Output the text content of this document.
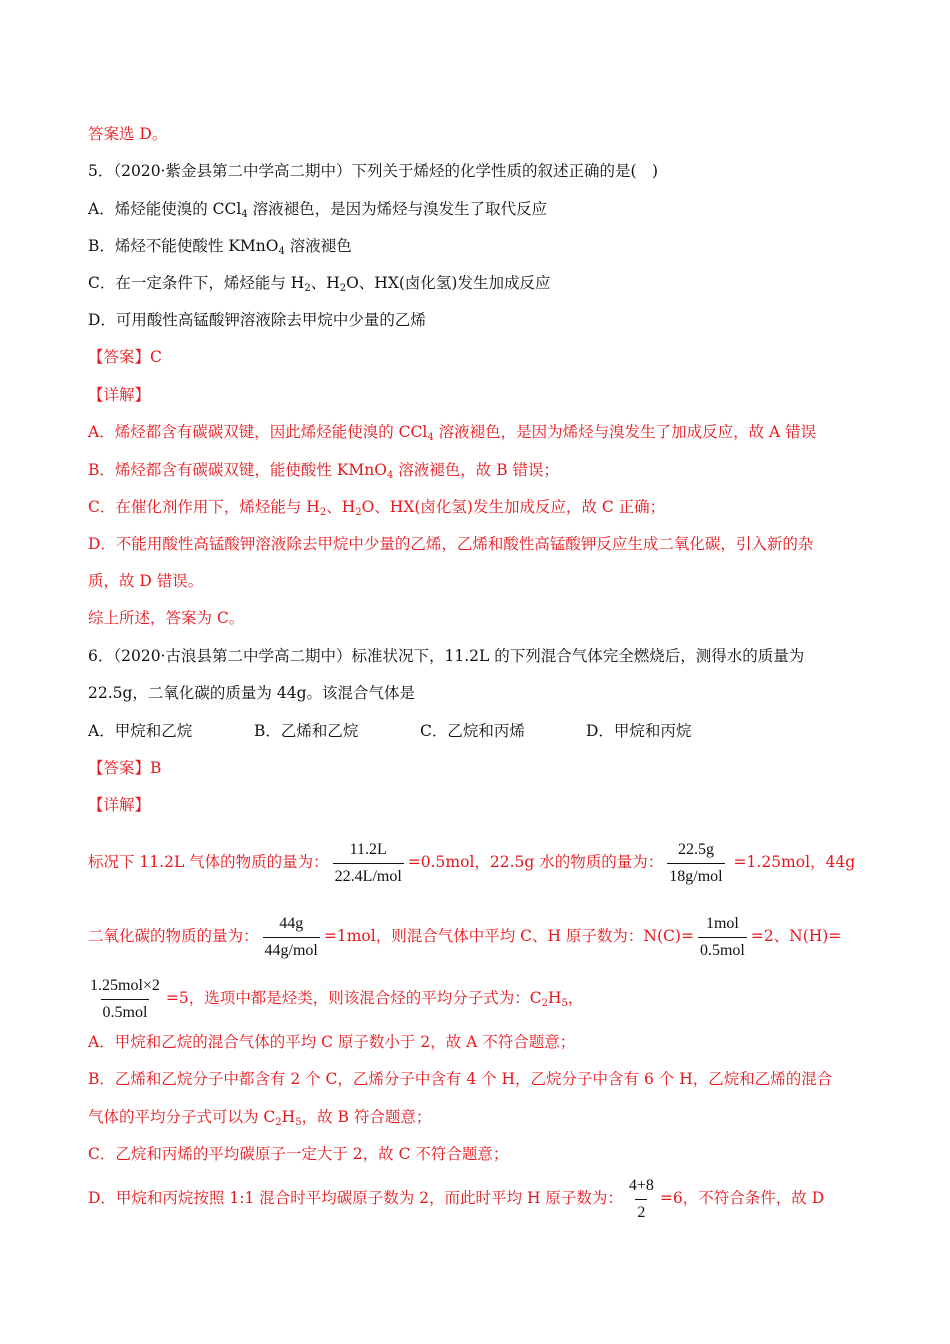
答案选 D。
5．（2020·紫金县第二中学高二期中）下列关于烯烃的化学性质的叙述正确的是(　)
A．烯烃能使溴的 CCl$_4$ 溶液褪色，是因为烯烃与溴发生了取代反应
B．烯烃不能使酸性 KMnO$_4$ 溶液褪色
C．在一定条件下，烯烃能与 $H_2$、$H_2O$、HX(卤化氢)发生加成反应
D．可用酸性高锰酸钾溶液除去甲烷中少量的乙烯
【答案】C
【详解】
A．烯烃都含有碳碳双键，因此烯烃能使溴的 CCl$_4$ 溶液褪色，是因为烯烃与溴发生了加成反应，故 A 错误
B．烯烃都含有碳碳双键，能使酸性 KMnO$_4$ 溶液褪色，故 B 错误；
C．在催化剂作用下，烯烃能与 $H_2$、$H_2O$、HX(卤化氢)发生加成反应，故 C 正确；
D．不能用酸性高锰酸钾溶液除去甲烷中少量的乙烯，乙烯和酸性高锰酸钾反应生成二氧化碳，引入新的杂
质，故 D 错误。
综上所述，答案为 C。
6．（2020·古浪县第二中学高二期中）标准状况下，11.2L 的下列混合气体完全燃烧后，测得水的质量为
22.5g，二氧化碳的质量为 44g。该混合气体是
A．甲烷和乙烷	B．乙烯和乙烷	C．乙烷和丙烯	D．甲烷和丙烷
【答案】B
【详解】
标况下 11.2L 气体的物质的量为： $\frac{11.2L}{\text{22.4L/mol}} =0.5mol$，22.5g 水的物质的量为： $\frac{22.5g}{\text{18g/mol}} =1.25mol$，44g
二氧化碳的物质的量为： $\frac{44g}{\text{44g/mol}} =1mol$，则混合气体中平均 C、H 原子数为：$N(C)= \frac{\text{1mol}}{\text{0.5mol}} =2$、N(H)=
$\frac{\text{1.25mol×2}}{\text{0.5mol}} =5$，选项中都是烃类，则该混合烃的平均分子式为：$C_2H_5$，
A．甲烷和乙烷的混合气体的平均 C 原子数小于 2，故 A 不符合题意；
B．乙烯和乙烷分子中都含有 2 个 C，乙烯分子中含有 4 个 H，乙烷分子中含有 6 个 H，乙烷和乙烯的混合
气体的平均分子式可以为 $C_2H_5$，故 B 符合题意；
C．乙烷和丙烯的平均碳原子一定大于 2，故 C 不符合题意；
D．甲烷和丙烷按照 1:1 混合时平均碳原子数为 2，而此时平均 H 原子数为： $\frac{4+8}{2} =6$，不符合条件，故 D
